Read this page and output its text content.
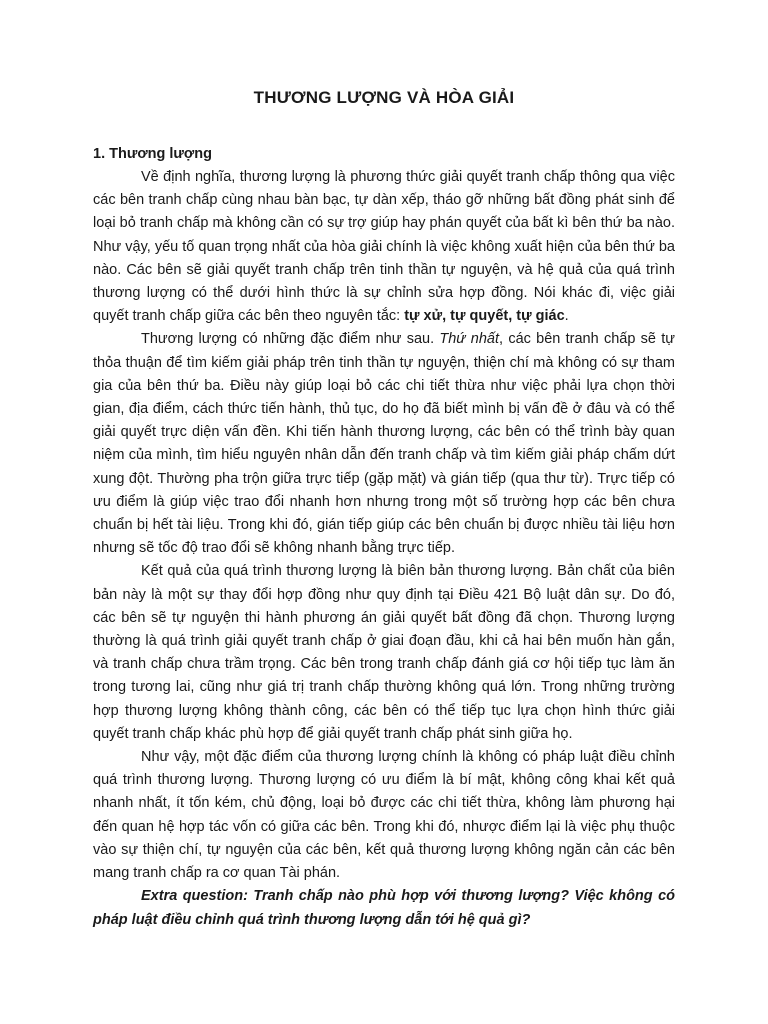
THƯƠNG LƯỢNG VÀ HÒA GIẢI

1. Thương lượng

Về định nghĩa, thương lượng là phương thức giải quyết tranh chấp thông qua việc các bên tranh chấp cùng nhau bàn bạc, tự dàn xếp, tháo gỡ những bất đồng phát sinh để loại bỏ tranh chấp mà không cần có sự trợ giúp hay phán quyết của bất kì bên thứ ba nào. Như vậy, yếu tố quan trọng nhất của hòa giải chính là việc không xuất hiện của bên thứ ba nào. Các bên sẽ giải quyết tranh chấp trên tinh thần tự nguyện, và hệ quả của quá trình thương lượng có thể dưới hình thức là sự chỉnh sửa hợp đồng. Nói khác đi, việc giải quyết tranh chấp giữa các bên theo nguyên tắc: tự xử, tự quyết, tự giác.

Thương lượng có những đặc điểm như sau. Thứ nhất, các bên tranh chấp sẽ tự thỏa thuận để tìm kiếm giải pháp trên tinh thần tự nguyện, thiện chí mà không có sự tham gia của bên thứ ba. Điều này giúp loại bỏ các chi tiết thừa như việc phải lựa chọn thời gian, địa điểm, cách thức tiến hành, thủ tục, do họ đã biết mình bị vấn đề ở đâu và có thể giải quyết trực diện vấn đền. Khi tiến hành thương lượng, các bên có thể trình bày quan niệm của mình, tìm hiểu nguyên nhân dẫn đến tranh chấp và tìm kiếm giải pháp chấm dứt xung đột. Thường pha trộn giữa trực tiếp (gặp mặt) và gián tiếp (qua thư từ). Trực tiếp có ưu điểm là giúp việc trao đổi nhanh hơn nhưng trong một số trường hợp các bên chưa chuẩn bị hết tài liệu. Trong khi đó, gián tiếp giúp các bên chuẩn bị được nhiều tài liệu hơn nhưng sẽ tốc độ trao đổi sẽ không nhanh bằng trực tiếp.

Kết quả của quá trình thương lượng là biên bản thương lượng. Bản chất của biên bản này là một sự thay đổi hợp đồng như quy định tại Điều 421 Bộ luật dân sự. Do đó, các bên sẽ tự nguyện thi hành phương án giải quyết bất đồng đã chọn. Thương lượng thường là quá trình giải quyết tranh chấp ở giai đoạn đầu, khi cả hai bên muốn hàn gắn, và tranh chấp chưa trầm trọng. Các bên trong tranh chấp đánh giá cơ hội tiếp tục làm ăn trong tương lai, cũng như giá trị tranh chấp thường không quá lớn. Trong những trường hợp thương lượng không thành công, các bên có thể tiếp tục lựa chọn hình thức giải quyết tranh chấp khác phù hợp để giải quyết tranh chấp phát sinh giữa họ.

Như vậy, một đặc điểm của thương lượng chính là không có pháp luật điều chỉnh quá trình thương lượng. Thương lượng có ưu điểm là bí mật, không công khai kết quả nhanh nhất, ít tốn kém, chủ động, loại bỏ được các chi tiết thừa, không làm phương hại đến quan hệ hợp tác vốn có giữa các bên. Trong khi đó, nhược điểm lại là việc phụ thuộc vào sự thiện chí, tự nguyện của các bên, kết quả thương lượng không ngăn cản các bên mang tranh chấp ra cơ quan Tài phán.

Extra question: Tranh chấp nào phù hợp với thương lượng? Việc không có pháp luật điều chỉnh quá trình thương lượng dẫn tới hệ quả gì?
